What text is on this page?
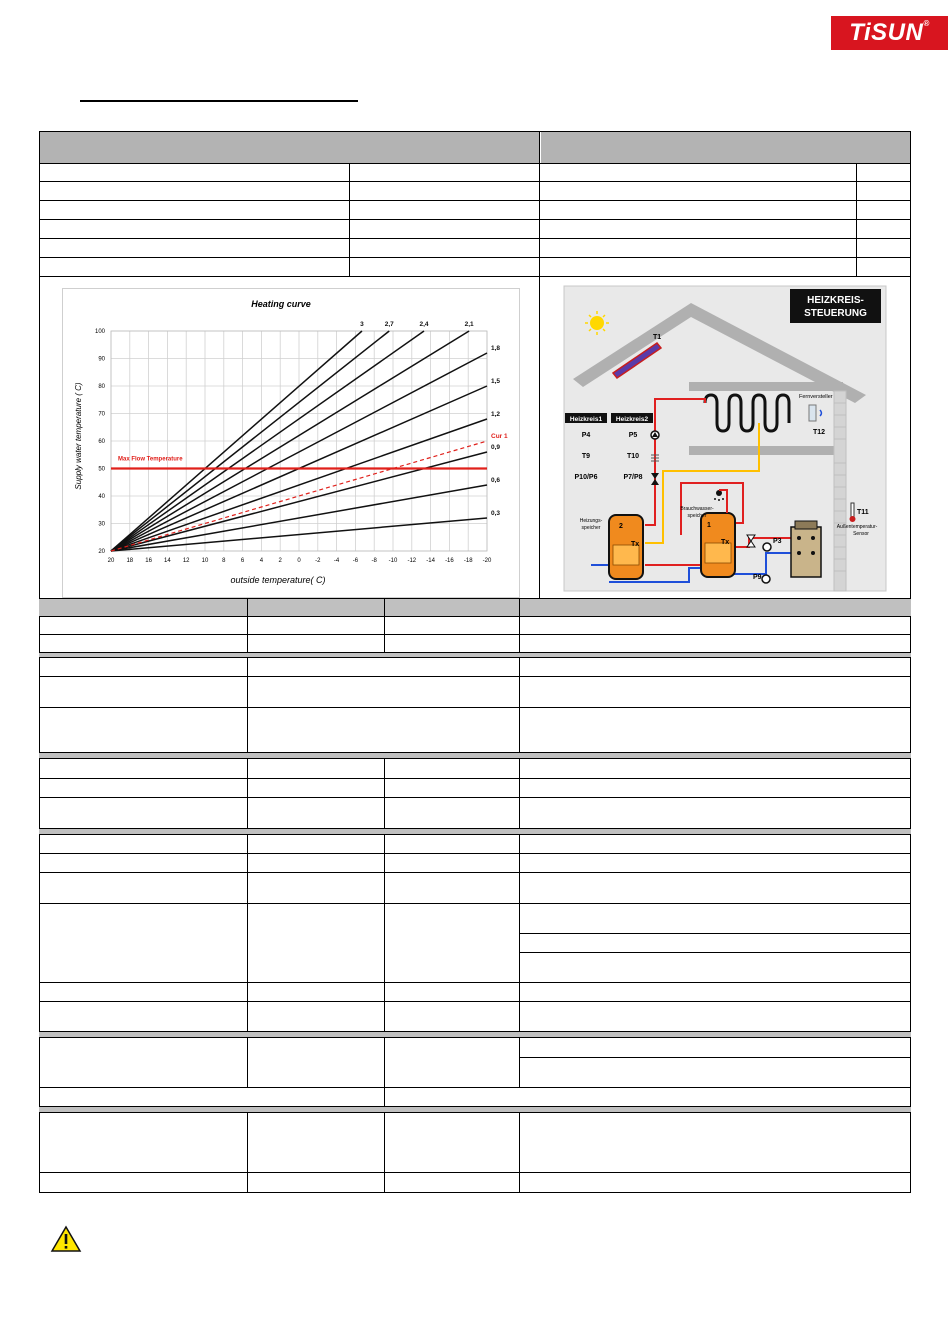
TiSUN®
Heating curve
Supply water temperature ( C)
outside temperature( C)
20 18 16 14 12 10 8	6	4	2	0 -2 -4 -6 -8 -10 -12 -14 -16 -18 -20
20
30
40
50
60
70
80
90
100
Max Flow Temperature
3	2,7	2,4	2,1
1,8
1,5
1,2
0,9
0,6
0,3
Cur 1
T1
HEIZKREIS-
STEUERUNG
Heizkreis1 Heizkreis2
P4	P5
T9	T10
P10/P6	P7/P8
2
Tx
1
Tx
Heizungs-
speicher
Brauchwasser-
speicher
P3
P9
Fernversteller
T12
T11
Außentemperatur-
Sensor
